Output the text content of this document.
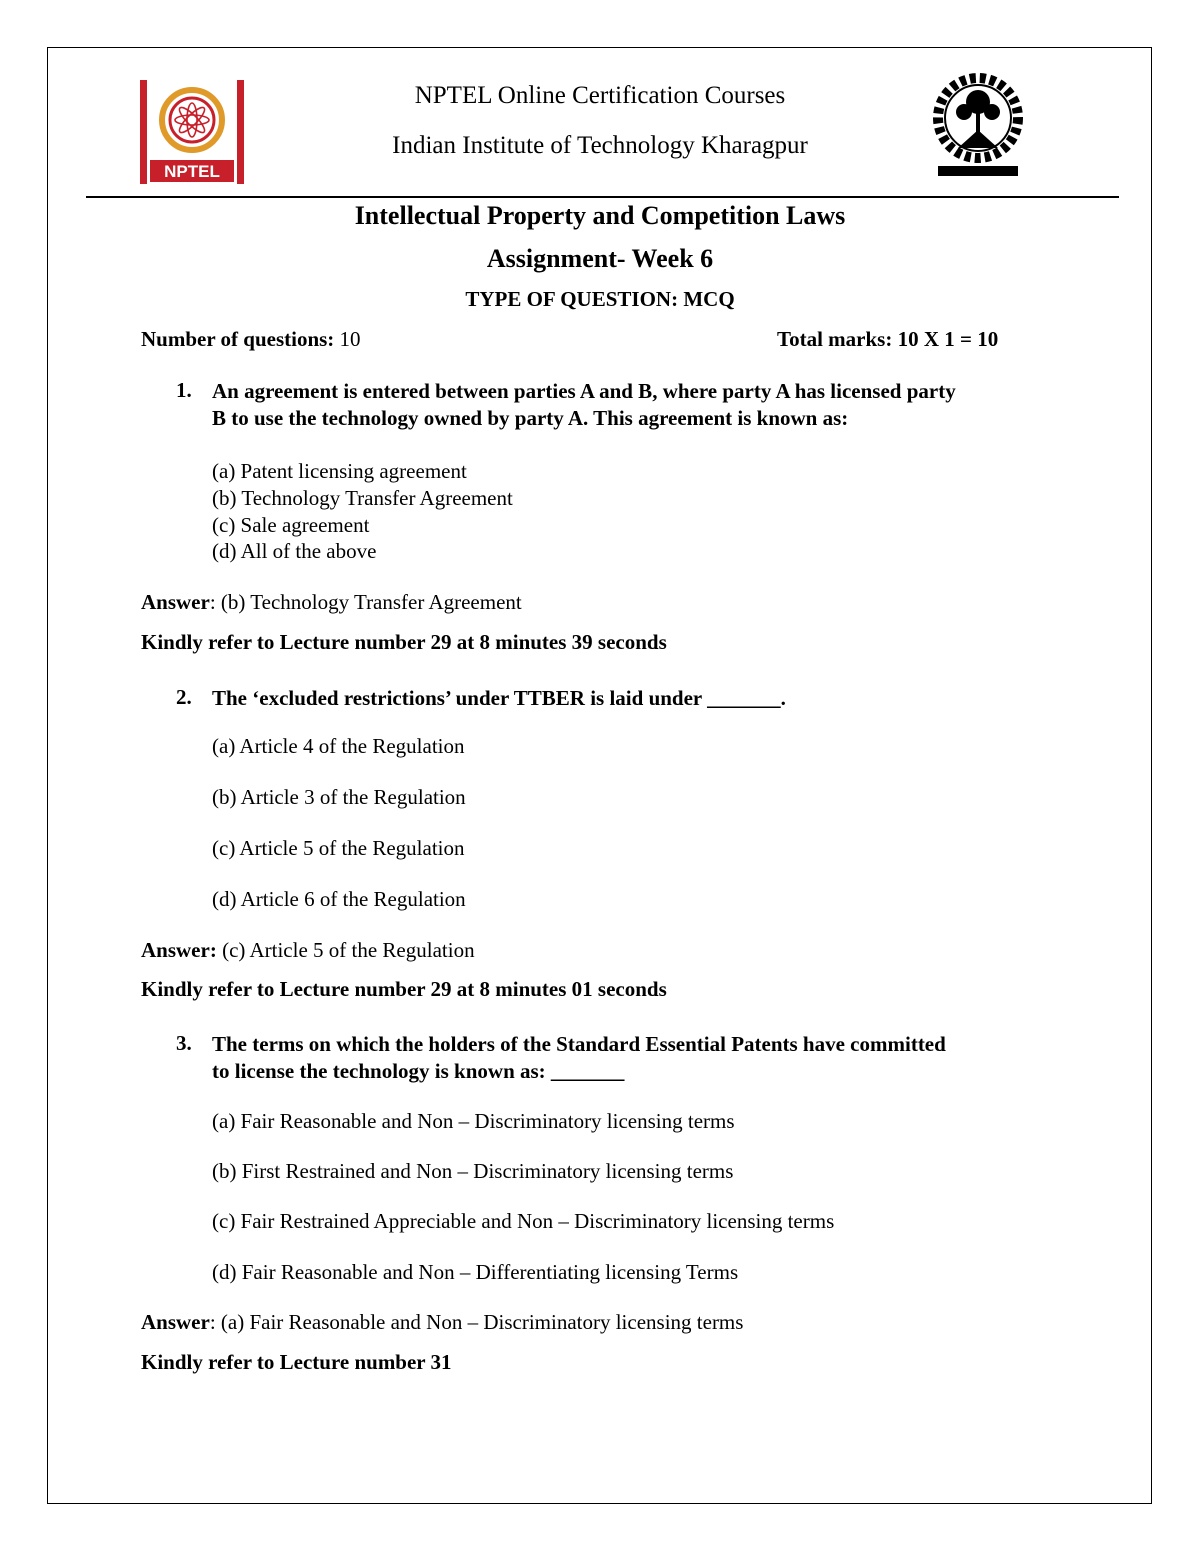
NPTEL
NPTEL Online Certification Courses
Indian Institute of Technology Kharagpur
Intellectual Property and Competition Laws
Assignment- Week 6
TYPE OF QUESTION: MCQ
Number of questions: 10	Total marks: 10 X 1 = 10
1. An agreement is entered between parties A and B, where party A has licensed party
B to use the technology owned by party A. This agreement is known as:
(a) Patent licensing agreement
(b) Technology Transfer Agreement
(c) Sale agreement
(d) All of the above
Answer: (b) Technology Transfer Agreement
Kindly refer to Lecture number 29 at 8 minutes 39 seconds
2. The ‘excluded restrictions’ under TTBER is laid under _______.
(a) Article 4 of the Regulation
(b) Article 3 of the Regulation
(c) Article 5 of the Regulation
(d) Article 6 of the Regulation
Answer: (c) Article 5 of the Regulation
Kindly refer to Lecture number 29 at 8 minutes 01 seconds
3. The terms on which the holders of the Standard Essential Patents have committed
to license the technology is known as: _______
(a) Fair Reasonable and Non – Discriminatory licensing terms
(b) First Restrained and Non – Discriminatory licensing terms
(c) Fair Restrained Appreciable and Non – Discriminatory licensing terms
(d) Fair Reasonable and Non – Differentiating licensing Terms
Answer: (a) Fair Reasonable and Non – Discriminatory licensing terms
Kindly refer to Lecture number 31
